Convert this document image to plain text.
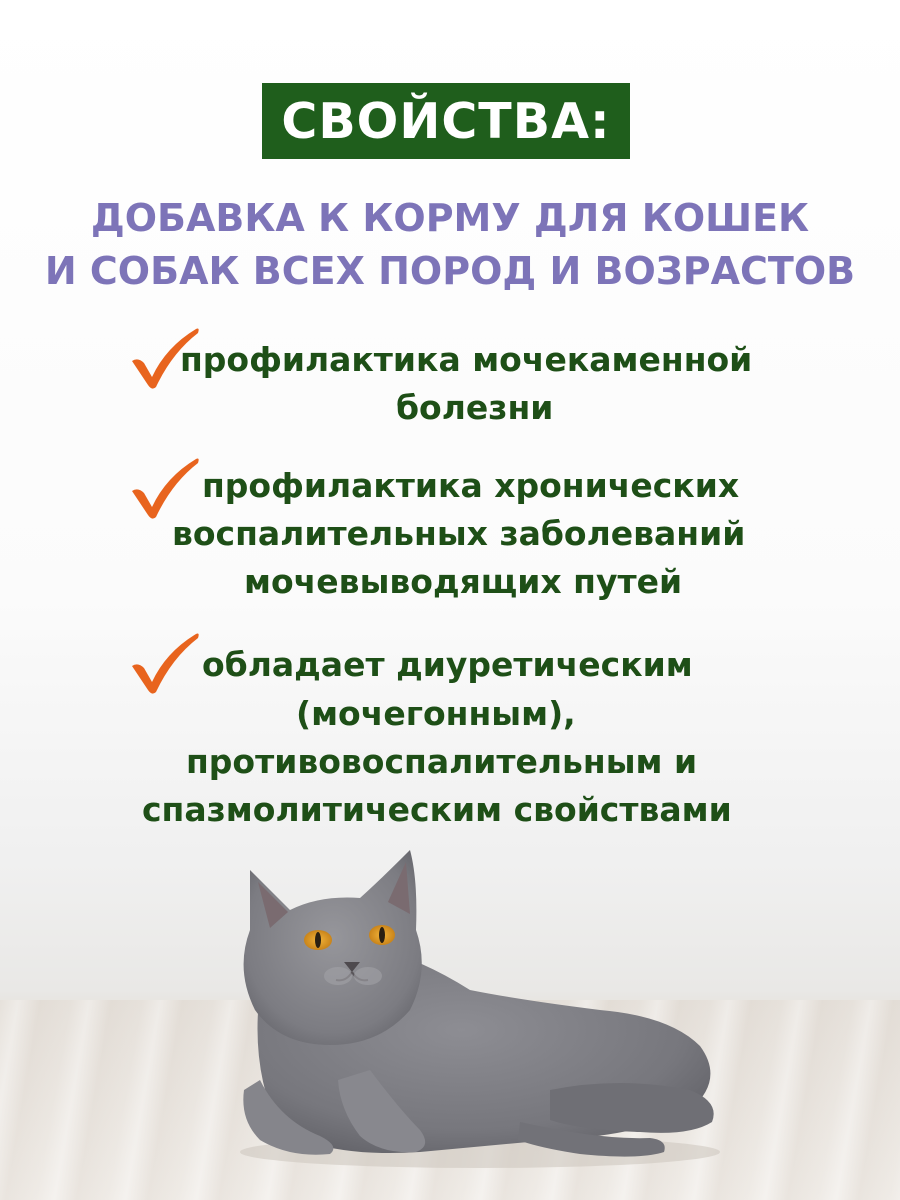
СВОЙСТВА:
ДОБАВКА К КОРМУ ДЛЯ КОШЕК
И СОБАК ВСЕХ ПОРОД И ВОЗРАСТОВ
профилактика мочекаменной
болезни
профилактика хронических
воспалительных заболеваний
мочевыводящих путей
обладает диуретическим
(мочегонным),
противовоспалительным и
спазмолитическим свойствами
